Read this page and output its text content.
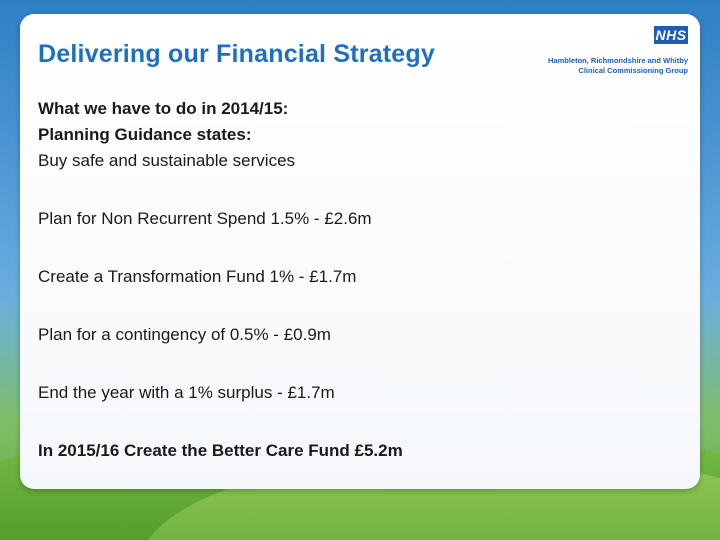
Delivering our Financial Strategy
NHS
Hambleton, Richmondshire and Whitby Clinical Commissioning Group

What we have to do in 2014/15:

Planning Guidance states:

Buy safe and sustainable services

Plan for Non Recurrent Spend 1.5% - £2.6m

Create a Transformation Fund 1% - £1.7m

Plan for a contingency of 0.5% - £0.9m

End the year with a 1% surplus - £1.7m

In 2015/16 Create the Better Care Fund £5.2m
